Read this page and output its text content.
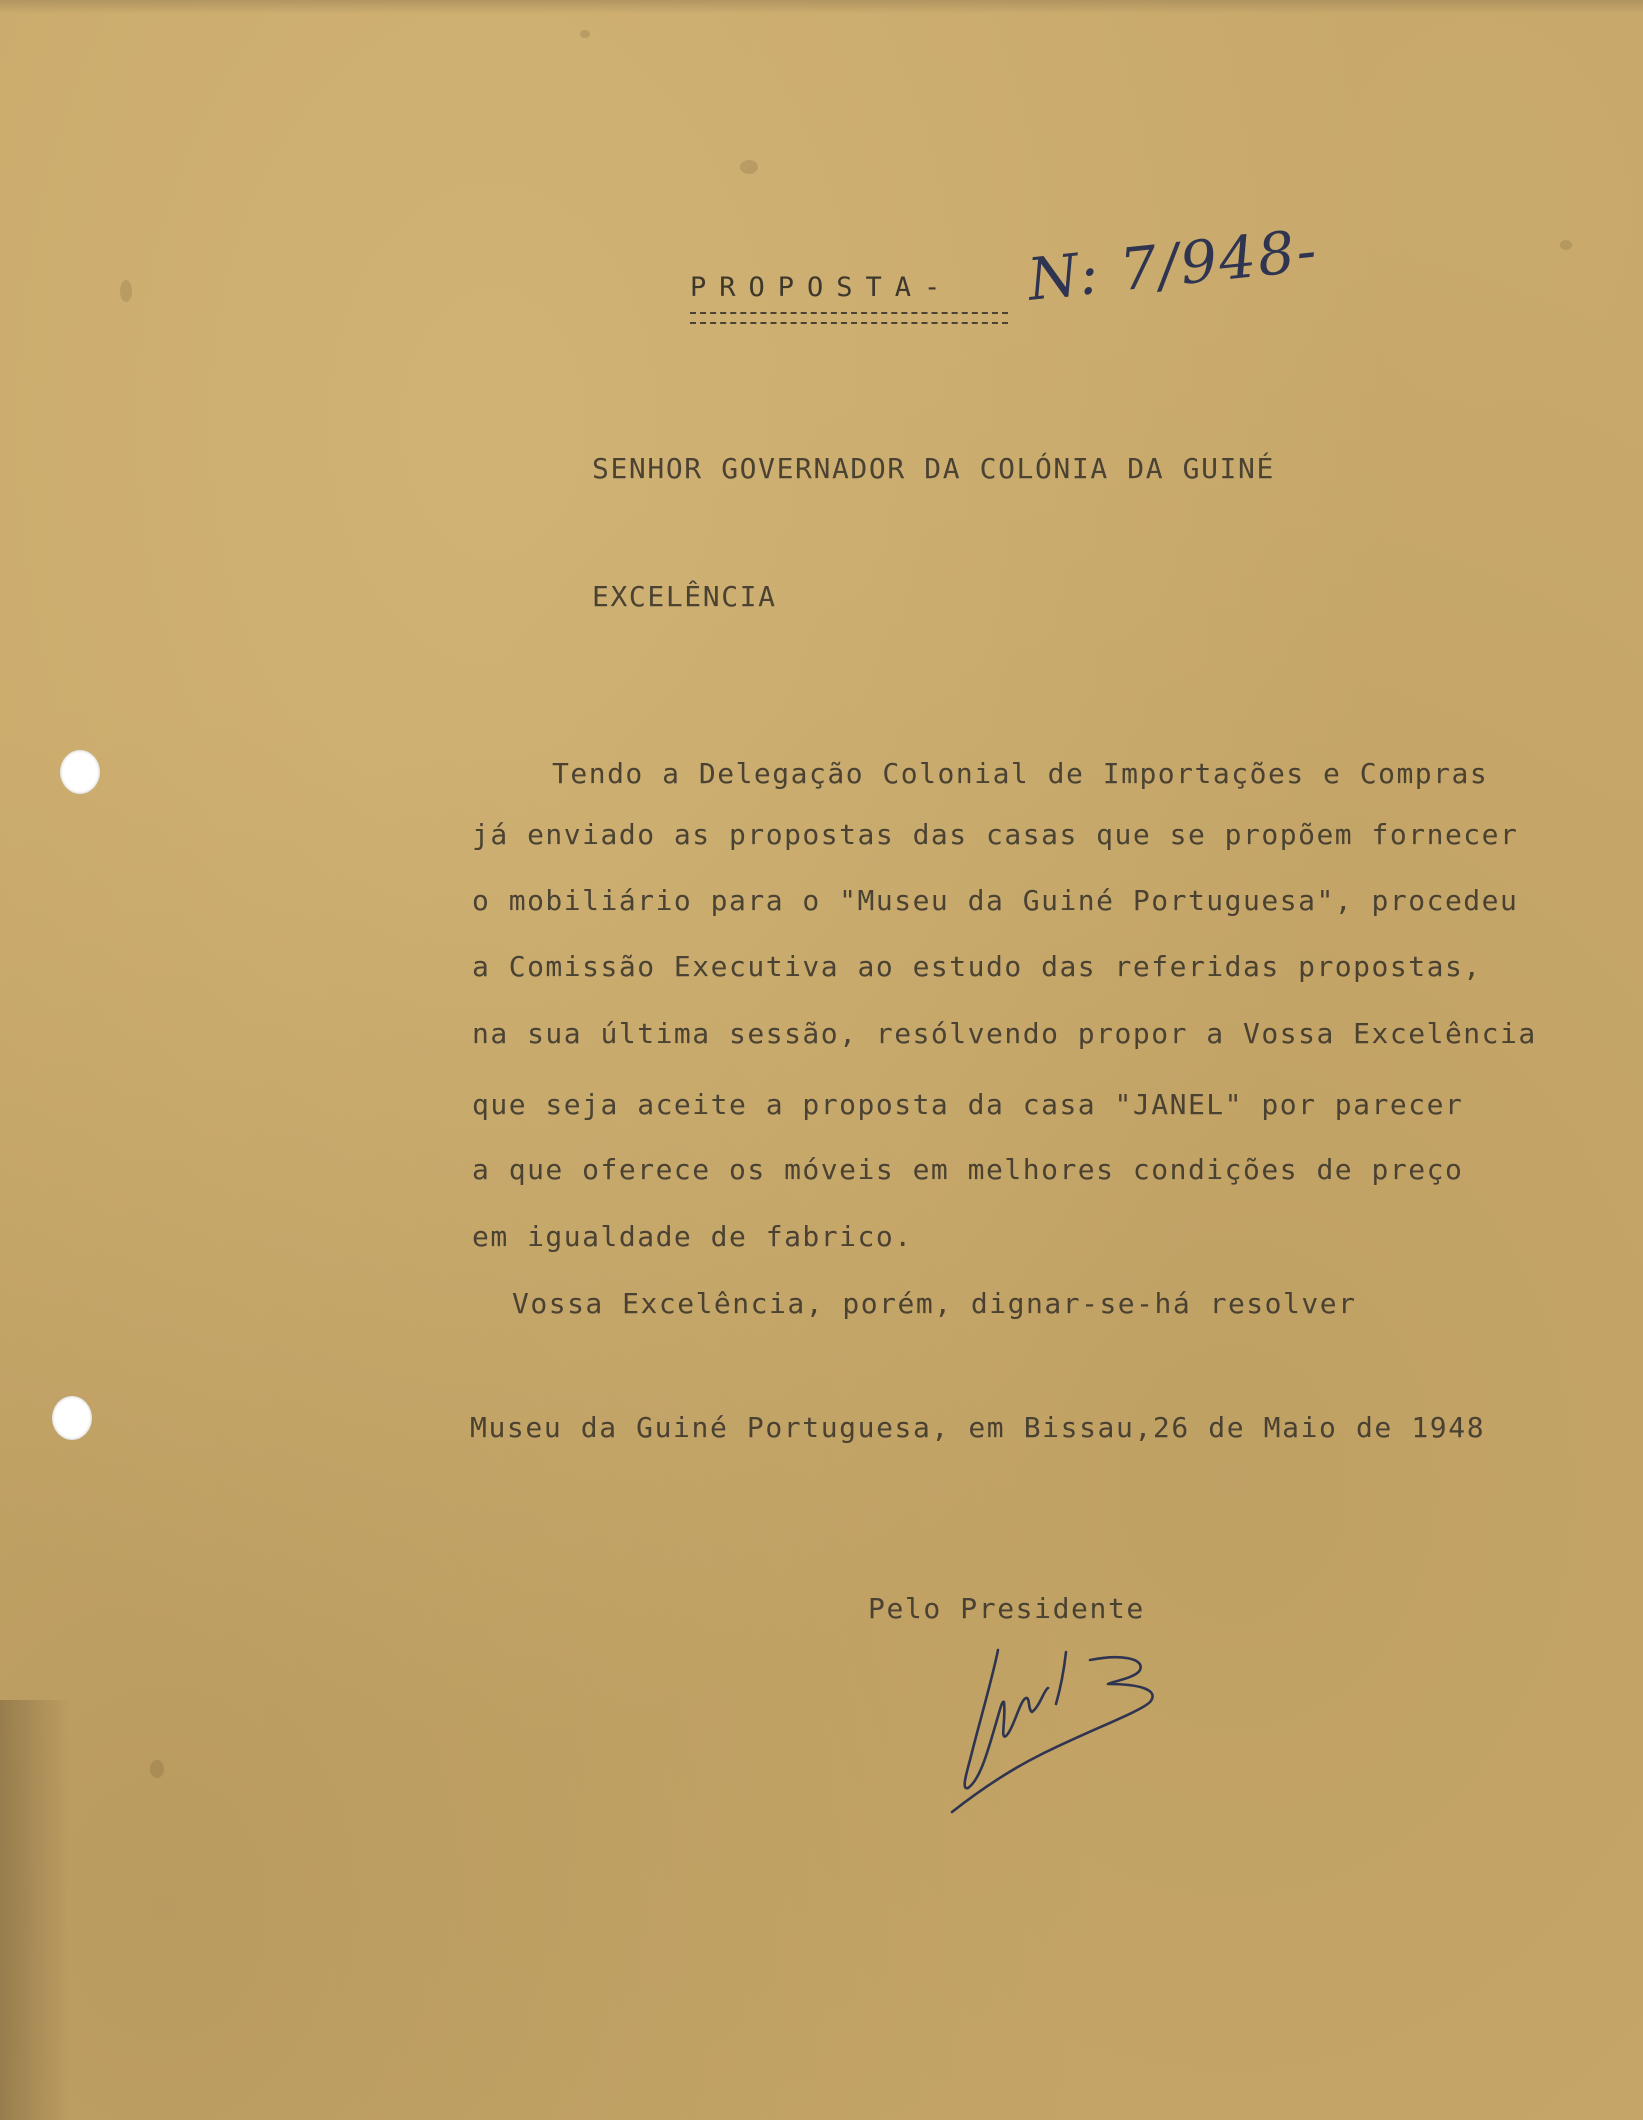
PROPOSTA- N: 7/948-
SENHOR GOVERNADOR DA COLÓNIA DA GUINÉ
EXCELÊNCIA
Tendo a Delegação Colonial de Importações e Compras
já enviado as propostas das casas que se propõem fornecer
o mobiliário para o "Museu da Guiné Portuguesa", procedeu
a Comissão Executiva ao estudo das referidas propostas,
na sua última sessão, resólvendo propor a Vossa Excelência
que seja aceite a proposta da casa "JANEL" por parecer
a que oferece os móveis em melhores condições de preço
em igualdade de fabrico.
Vossa Excelência, porém, dignar-se-há resolver
Museu da Guiné Portuguesa, em Bissau,26 de Maio de 1948
Pelo Presidente
